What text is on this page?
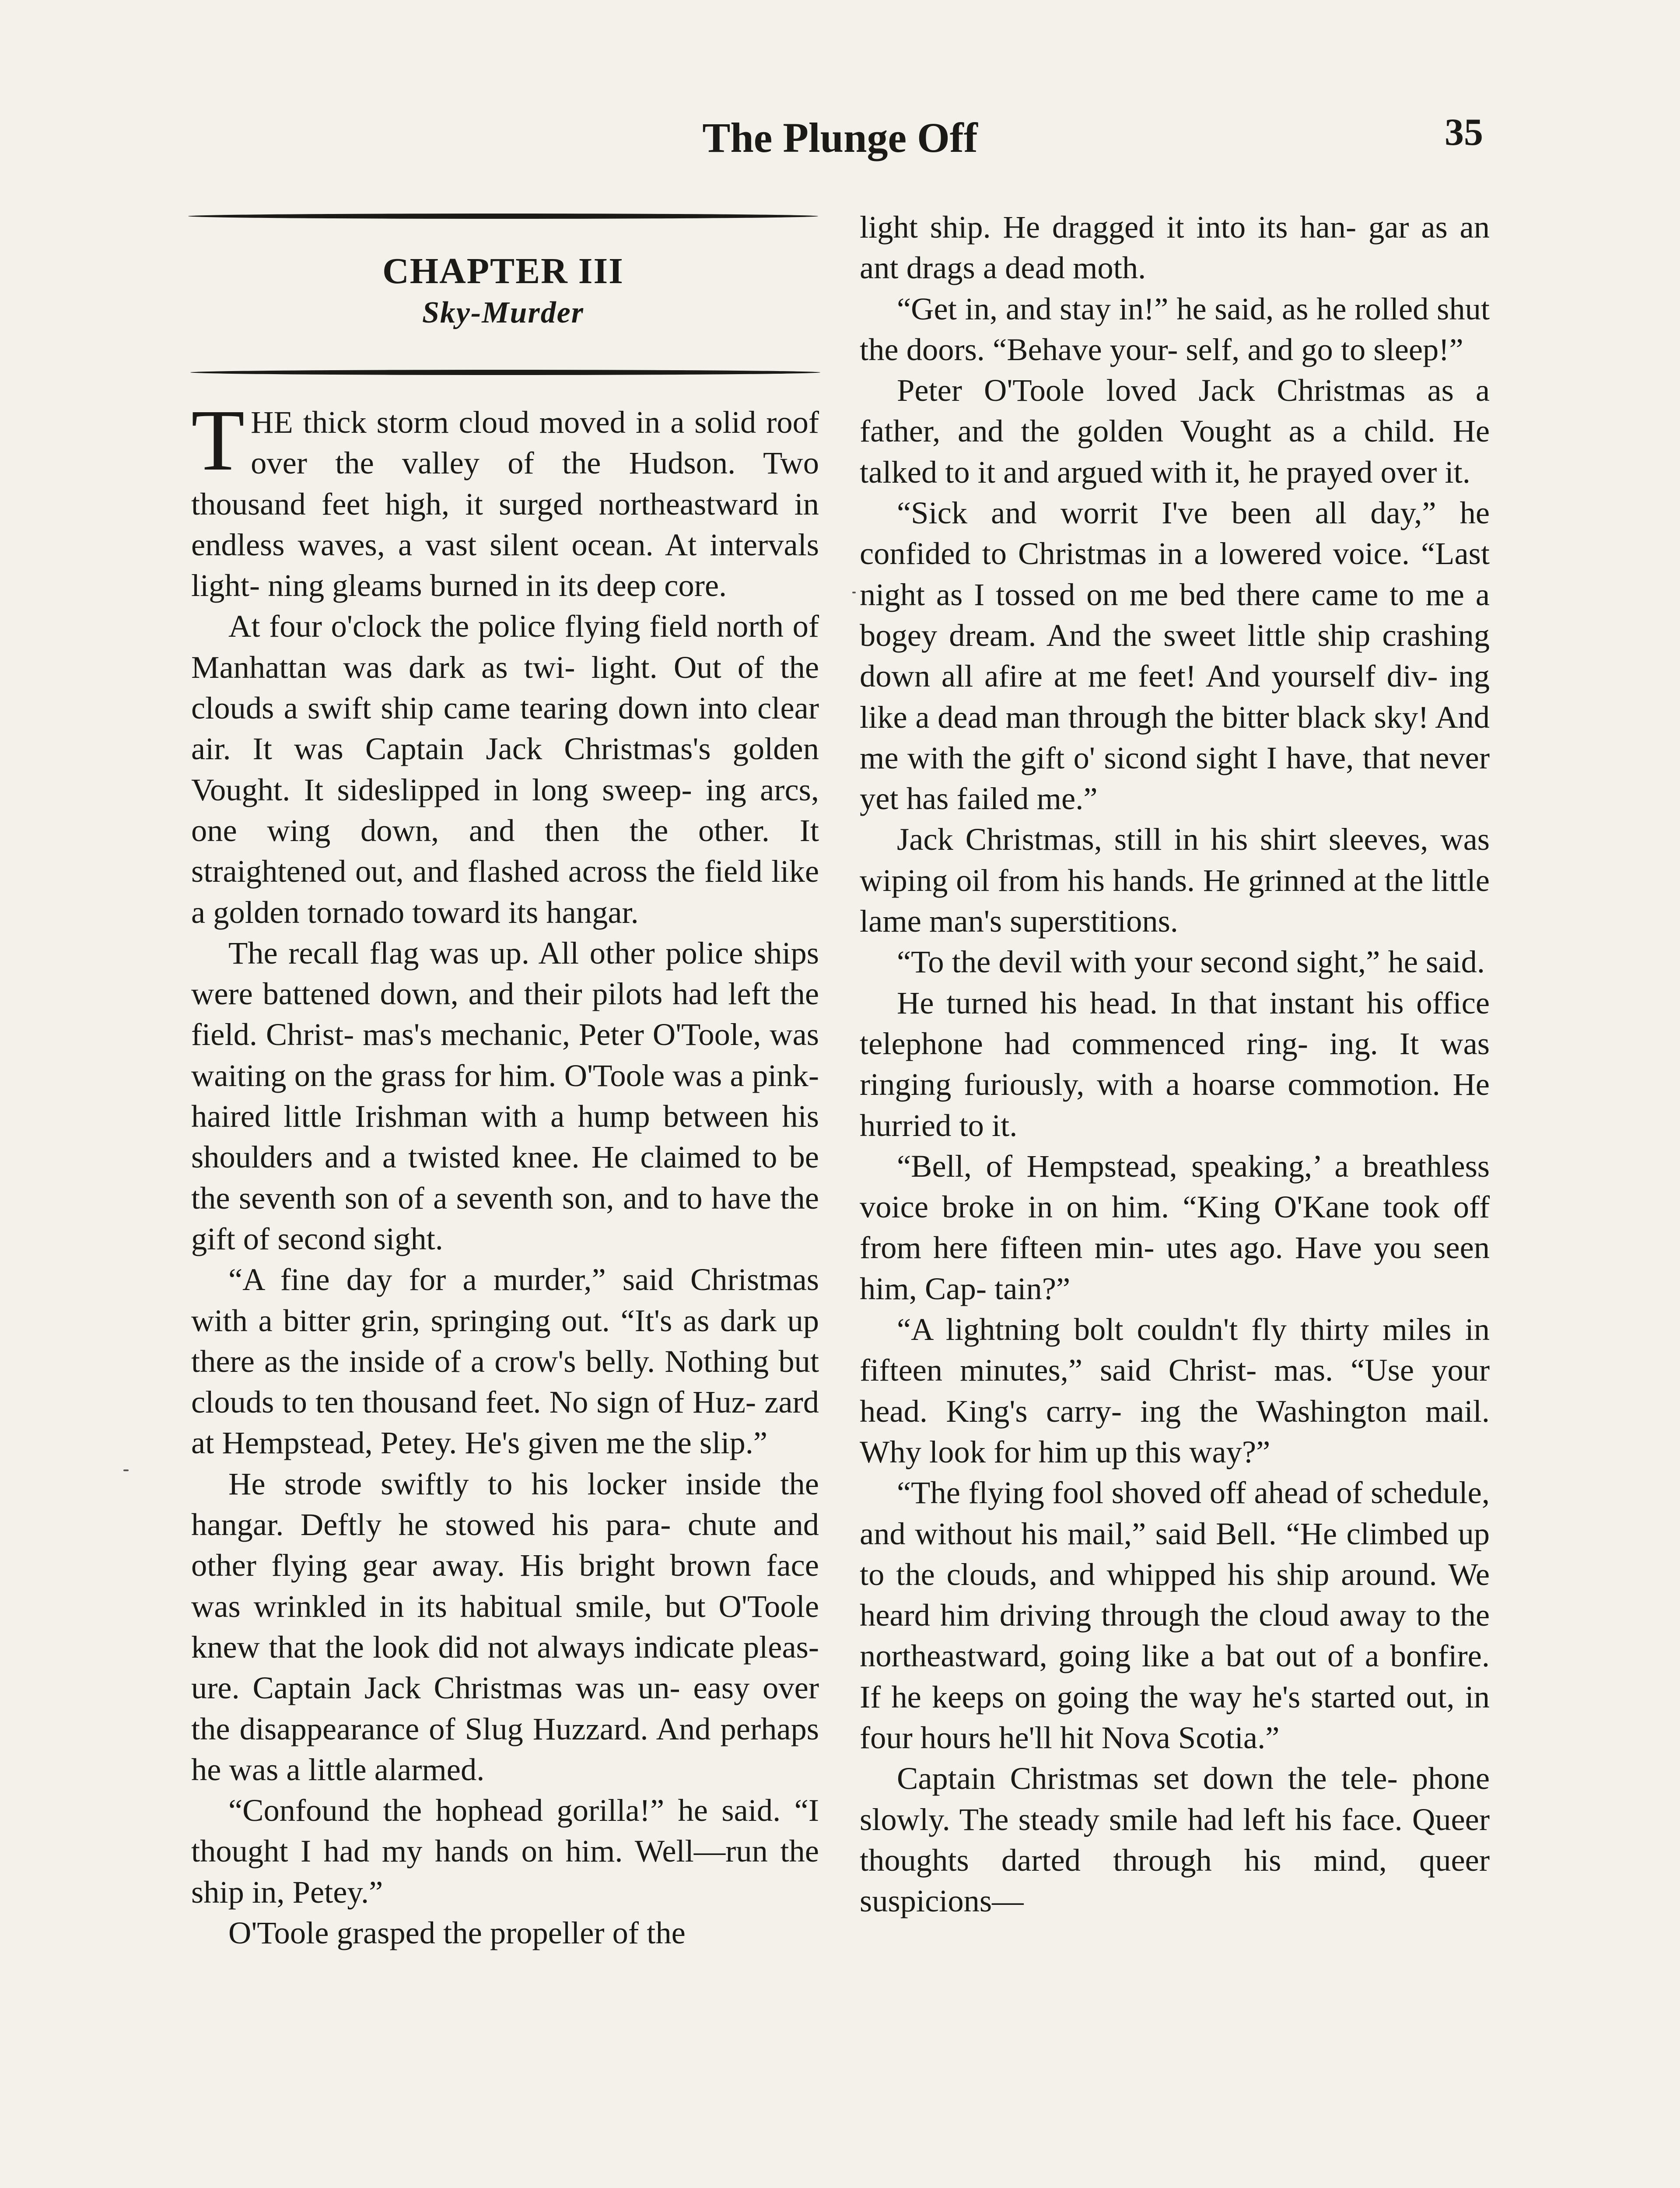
The Plunge Off	35
CHAPTER III
Sky-Murder

THE thick storm cloud moved in a solid roof over the valley of the Hudson. Two thousand feet high, it surged northeastward in endless waves, a vast silent ocean. At intervals light- ning gleams burned in its deep core.

At four o'clock the police flying field north of Manhattan was dark as twi- light. Out of the clouds a swift ship came tearing down into clear air. It was Captain Jack Christmas's golden Vought. It sideslipped in long sweep- ing arcs, one wing down, and then the other. It straightened out, and flashed across the field like a golden tornado toward its hangar.

The recall flag was up. All other police ships were battened down, and their pilots had left the field. Christ- mas's mechanic, Peter O'Toole, was waiting on the grass for him. O'Toole was a pink-haired little Irishman with a hump between his shoulders and a twisted knee. He claimed to be the seventh son of a seventh son, and to have the gift of second sight.

“A fine day for a murder,” said Christmas with a bitter grin, springing out. “It's as dark up there as the inside of a crow's belly. Nothing but clouds to ten thousand feet. No sign of Huz- zard at Hempstead, Petey. He's given me the slip.”

He strode swiftly to his locker inside the hangar. Deftly he stowed his para- chute and other flying gear away. His bright brown face was wrinkled in its habitual smile, but O'Toole knew that the look did not always indicate pleas- ure. Captain Jack Christmas was un- easy over the disappearance of Slug Huzzard. And perhaps he was a little alarmed.

“Confound the hophead gorilla!” he said. “I thought I had my hands on him. Well—run the ship in, Petey.”

O'Toole grasped the propeller of the

light ship. He dragged it into its han- gar as an ant drags a dead moth.

“Get in, and stay in!” he said, as he rolled shut the doors. “Behave your- self, and go to sleep!”

Peter O'Toole loved Jack Christmas as a father, and the golden Vought as a child. He talked to it and argued with it, he prayed over it.

“Sick and worrit I've been all day,” he confided to Christmas in a lowered voice. “Last night as I tossed on me bed there came to me a bogey dream. And the sweet little ship crashing down all afire at me feet! And yourself div- ing like a dead man through the bitter black sky! And me with the gift o' sicond sight I have, that never yet has failed me.”

Jack Christmas, still in his shirt sleeves, was wiping oil from his hands. He grinned at the little lame man's superstitions.

“To the devil with your second sight,” he said.

He turned his head. In that instant his office telephone had commenced ring- ing. It was ringing furiously, with a hoarse commotion. He hurried to it.

“Bell, of Hempstead, speaking,’ a breathless voice broke in on him. “King O'Kane took off from here fifteen min- utes ago. Have you seen him, Cap- tain?”

“A lightning bolt couldn't fly thirty miles in fifteen minutes,” said Christ- mas. “Use your head. King's carry- ing the Washington mail. Why look for him up this way?”

“The flying fool shoved off ahead of schedule, and without his mail,” said Bell. “He climbed up to the clouds, and whipped his ship around. We heard him driving through the cloud away to the northeastward, going like a bat out of a bonfire. If he keeps on going the way he's started out, in four hours he'll hit Nova Scotia.”

Captain Christmas set down the tele- phone slowly. The steady smile had left his face. Queer thoughts darted through his mind, queer suspicions—
